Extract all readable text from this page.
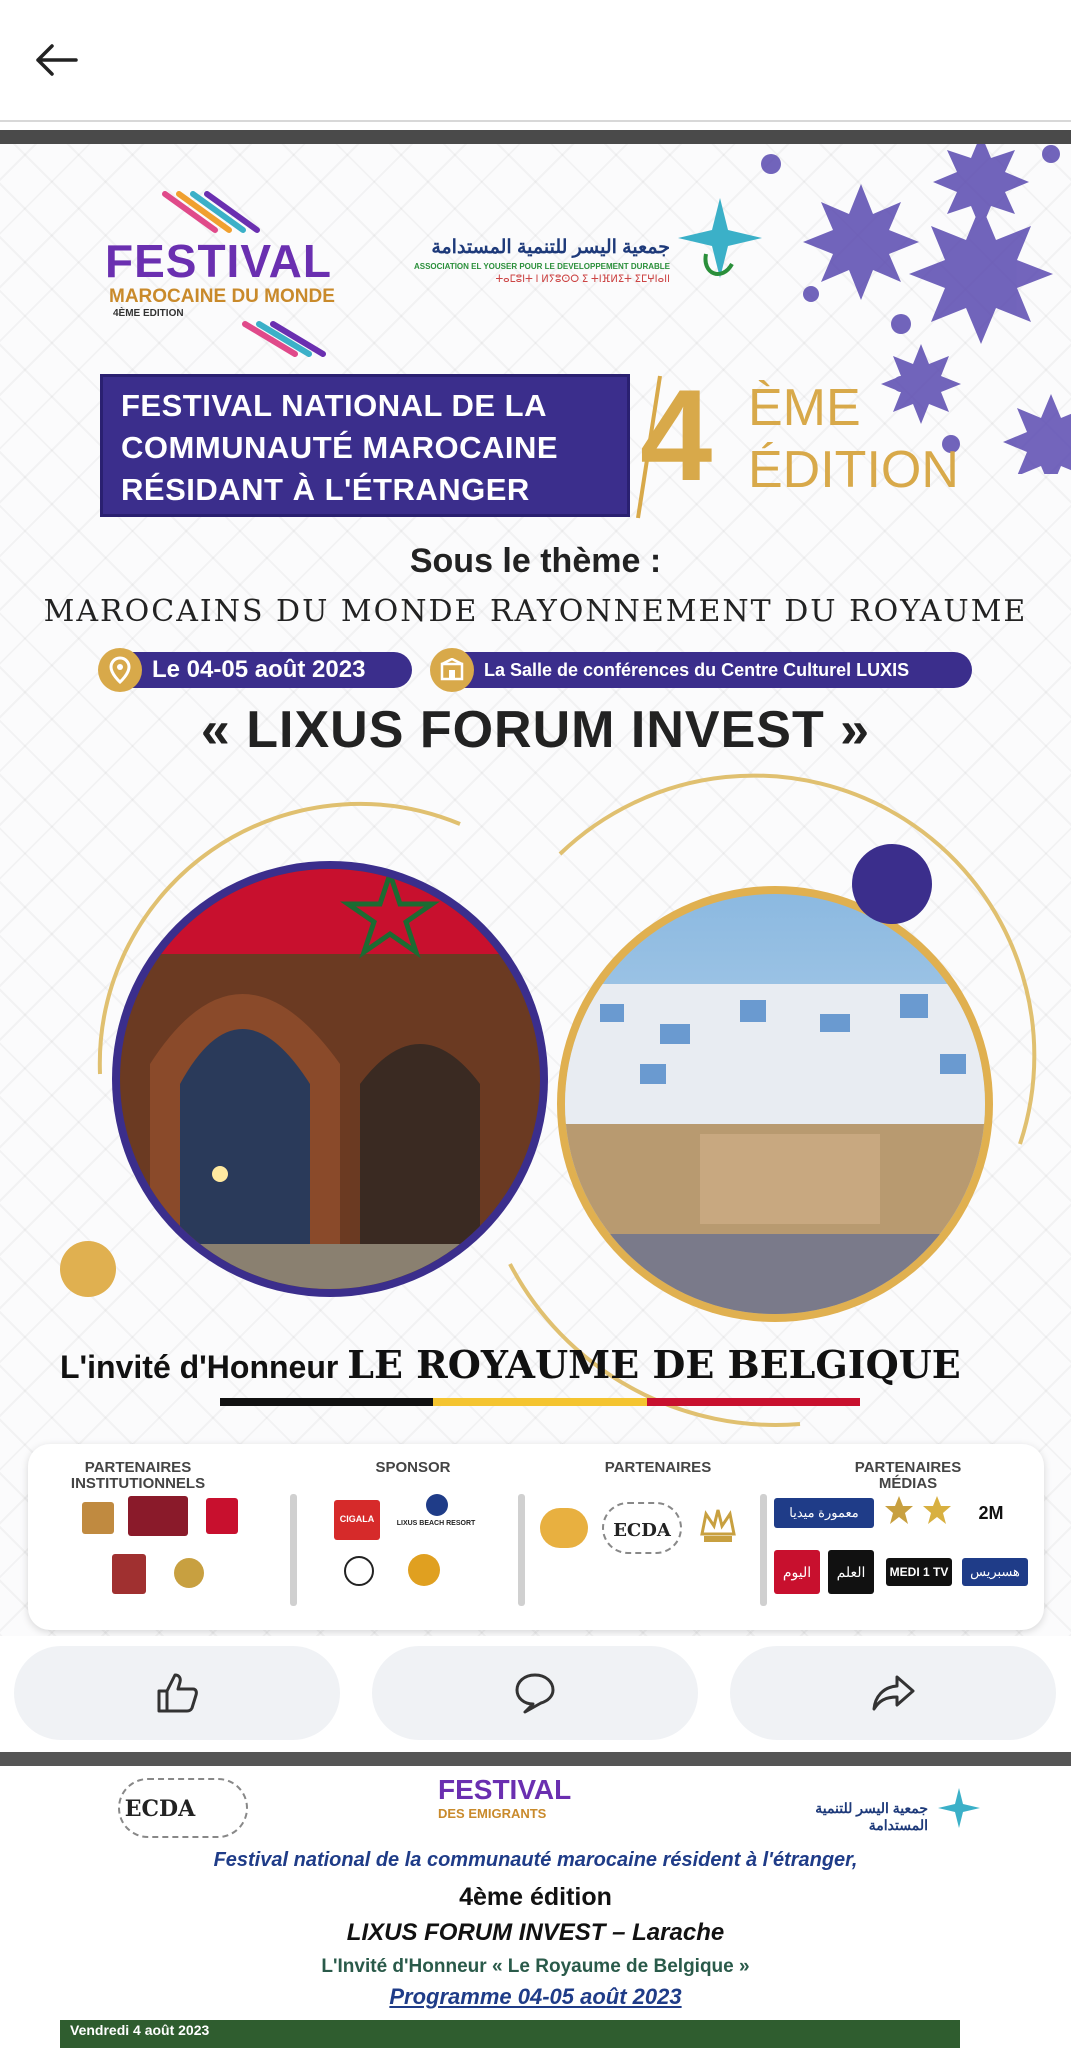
FESTIVAL
MAROCAINE DU MONDE
4ÈME EDITION
جمعية اليسر للتنمية المستدامة
ASSOCIATION EL YOUSER POUR LE DEVELOPPEMENT DURABLE
ⵜⴰⵎⵓⵏⵜ ⵏ ⵍⵢⵓⵙⵔ ⵉ ⵜⵏⴼⵍⵉⵜ ⵉⵎⵖⵏⴰⵏⵏ
FESTIVAL NATIONAL DE LA
COMMUNAUTÉ MAROCAINE
RÉSIDANT À L'ÉTRANGER 4 ÈME
ÉDITION
Sous le thème :
MAROCAINS DU MONDE RAYONNEMENT DU ROYAUME
Le 04-05 août 2023	La Salle de conférences du Centre Culturel LUXIS
« LIXUS FORUM INVEST »
L'invité d'Honneur LE ROYAUME DE BELGIQUE
PARTENAIRES INSTITUTIONNELS
SPONSOR	PARTENAIRES	PARTENAIRES MÉDIAS
CIGALA	LIXUS BEACH RESORT	ECDA
معمورة ميديا	2M
اليوم	العلم	MEDI 1 TV	هسبريس
ECDA
FESTIVAL
DES EMIGRANTS	جمعية اليسر للتنمية المستدامة
Festival national de la communauté marocaine résident à l'étranger,
4ème édition
LIXUS FORUM INVEST – Larache
L'Invité d'Honneur « Le Royaume de Belgique »
Programme 04-05 août 2023
Vendredi 4 août 2023
